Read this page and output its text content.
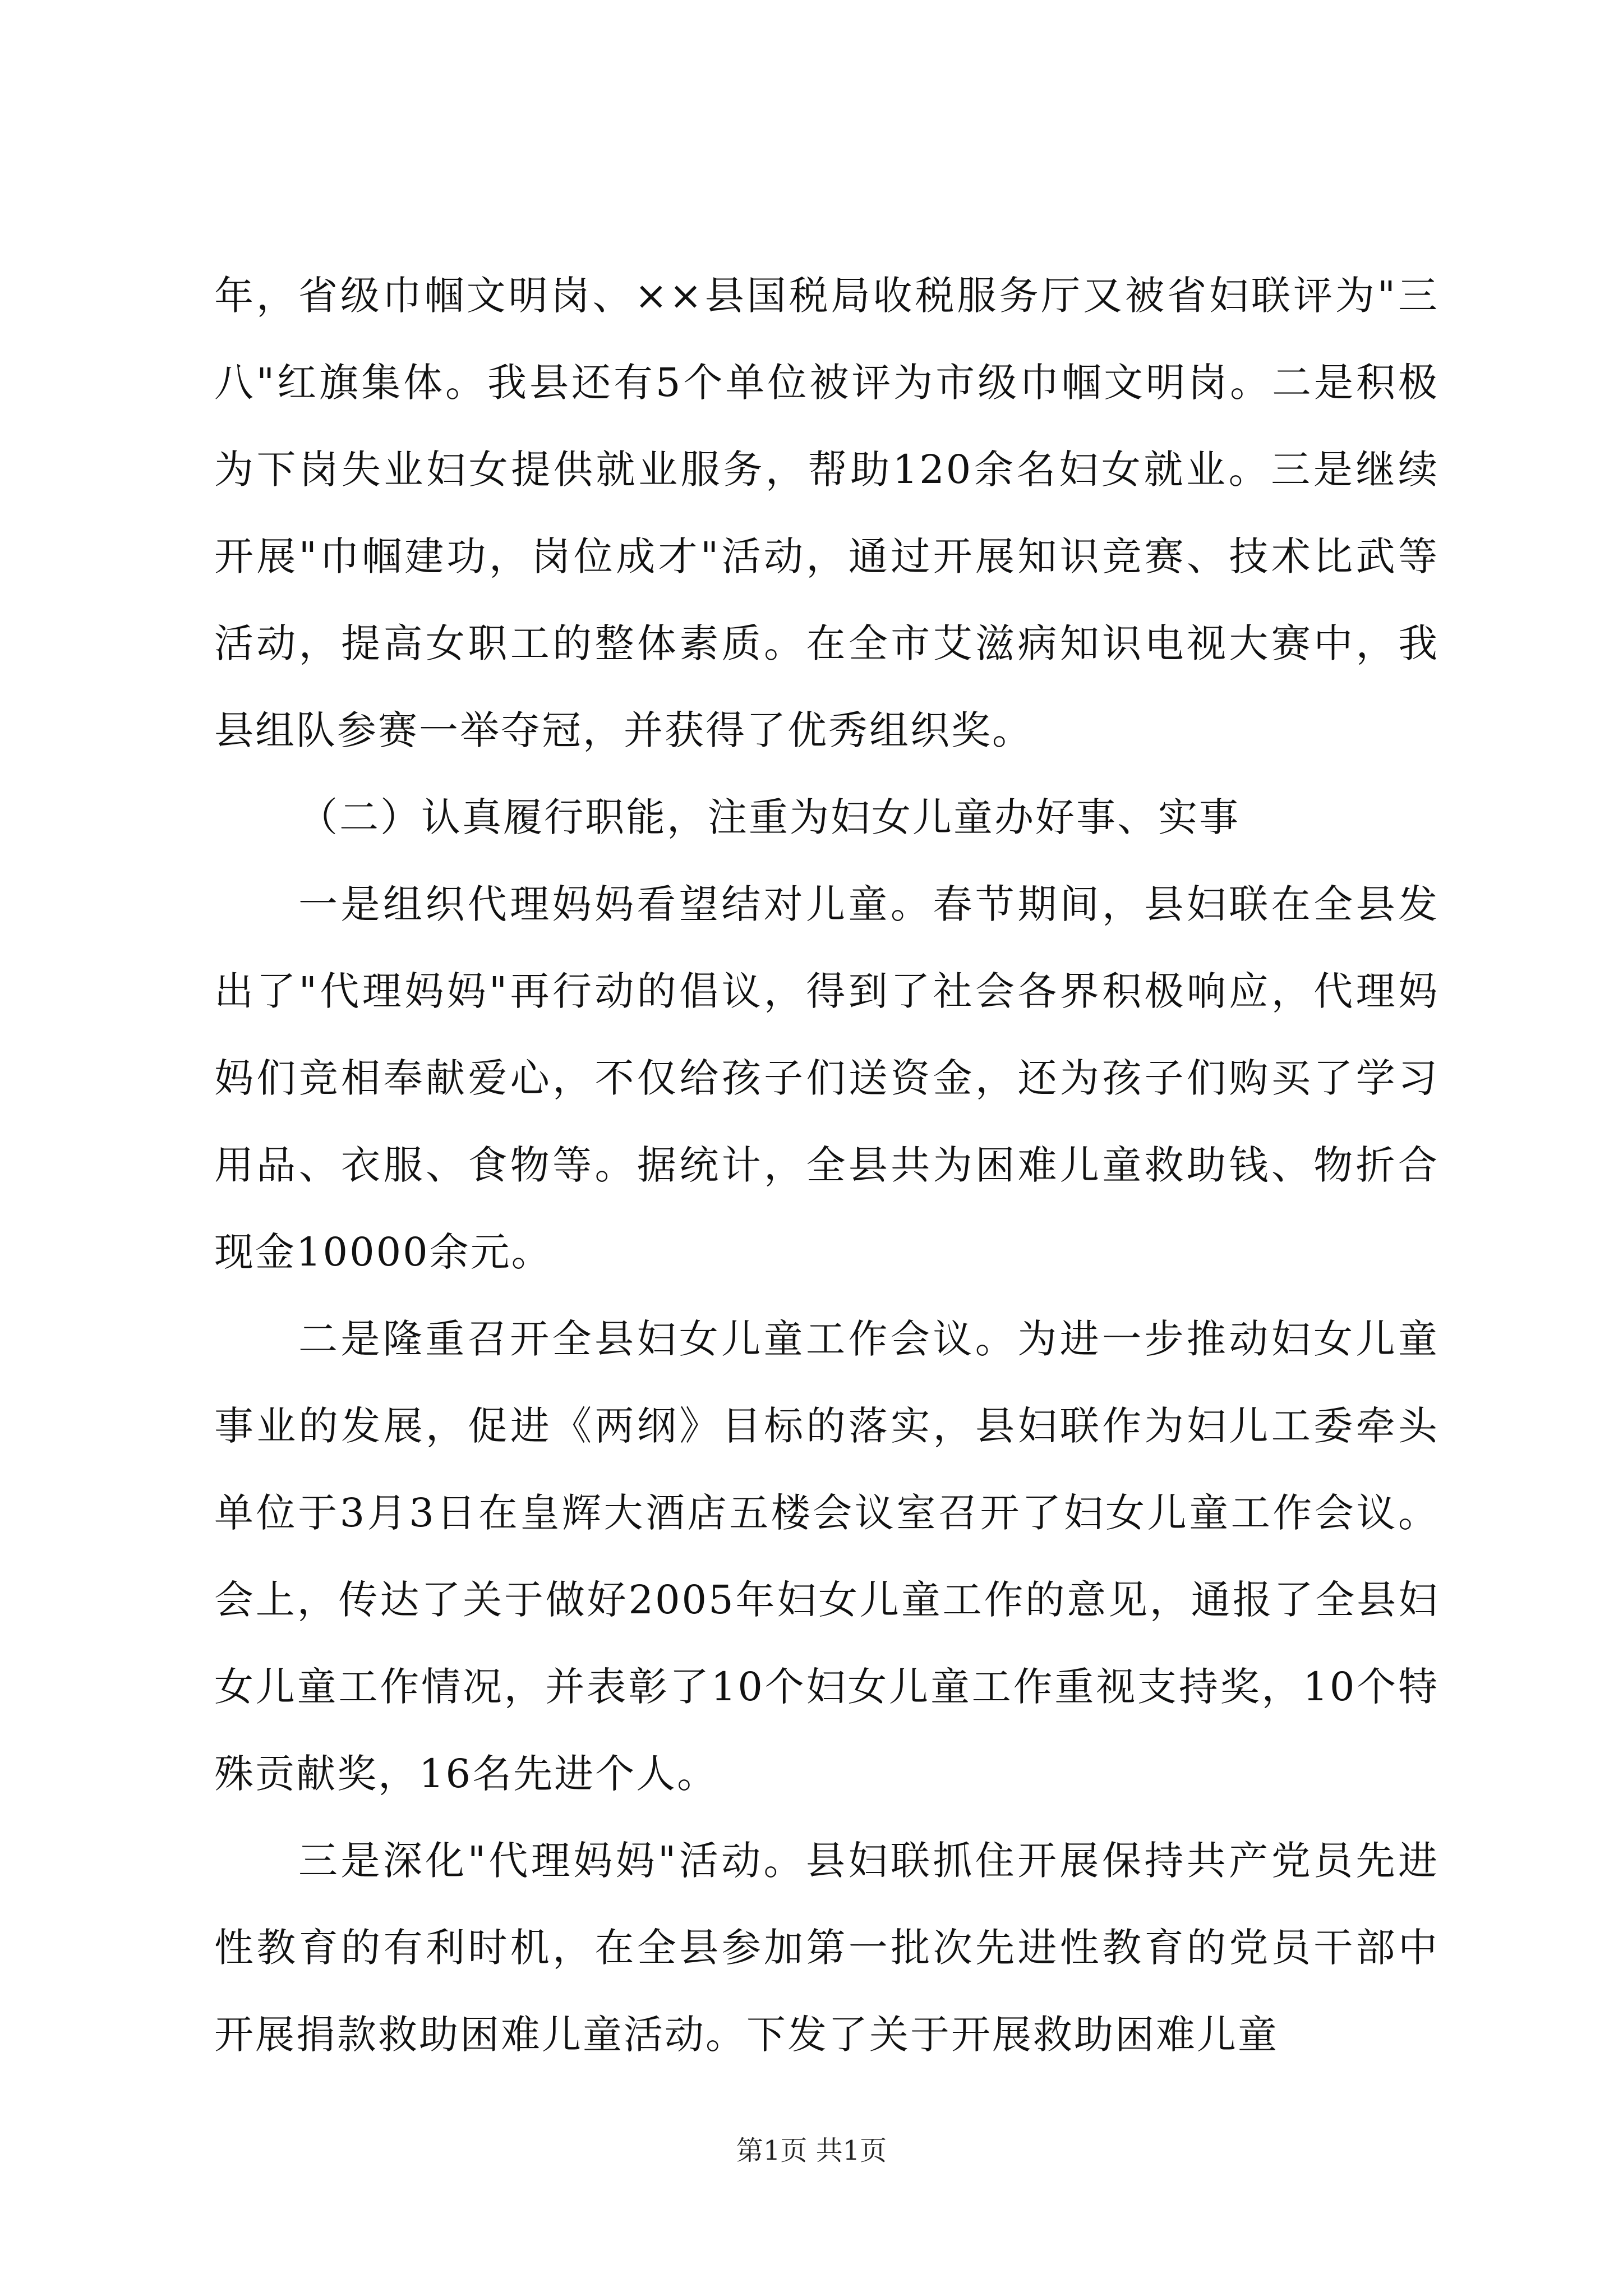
年，省级巾帼文明岗、××县国税局收税服务厅又被省妇联评为"三八"红旗集体。我县还有5个单位被评为市级巾帼文明岗。二是积极为下岗失业妇女提供就业服务，帮助120余名妇女就业。三是继续开展"巾帼建功，岗位成才"活动，通过开展知识竞赛、技术比武等活动，提高女职工的整体素质。在全市艾滋病知识电视大赛中，我县组队参赛一举夺冠，并获得了优秀组织奖。

（二）认真履行职能，注重为妇女儿童办好事、实事

一是组织代理妈妈看望结对儿童。春节期间，县妇联在全县发出了"代理妈妈"再行动的倡议，得到了社会各界积极响应，代理妈妈们竞相奉献爱心，不仅给孩子们送资金，还为孩子们购买了学习用品、衣服、食物等。据统计，全县共为困难儿童救助钱、物折合现金10000余元。

二是隆重召开全县妇女儿童工作会议。为进一步推动妇女儿童事业的发展，促进《两纲》目标的落实，县妇联作为妇儿工委牵头单位于3月3日在皇辉大酒店五楼会议室召开了妇女儿童工作会议。会上，传达了关于做好2005年妇女儿童工作的意见，通报了全县妇女儿童工作情况，并表彰了10个妇女儿童工作重视支持奖，10个特殊贡献奖，16名先进个人。

三是深化"代理妈妈"活动。县妇联抓住开展保持共产党员先进性教育的有利时机，在全县参加第一批次先进性教育的党员干部中开展捐款救助困难儿童活动。下发了关于开展救助困难儿童

第1页 共1页
